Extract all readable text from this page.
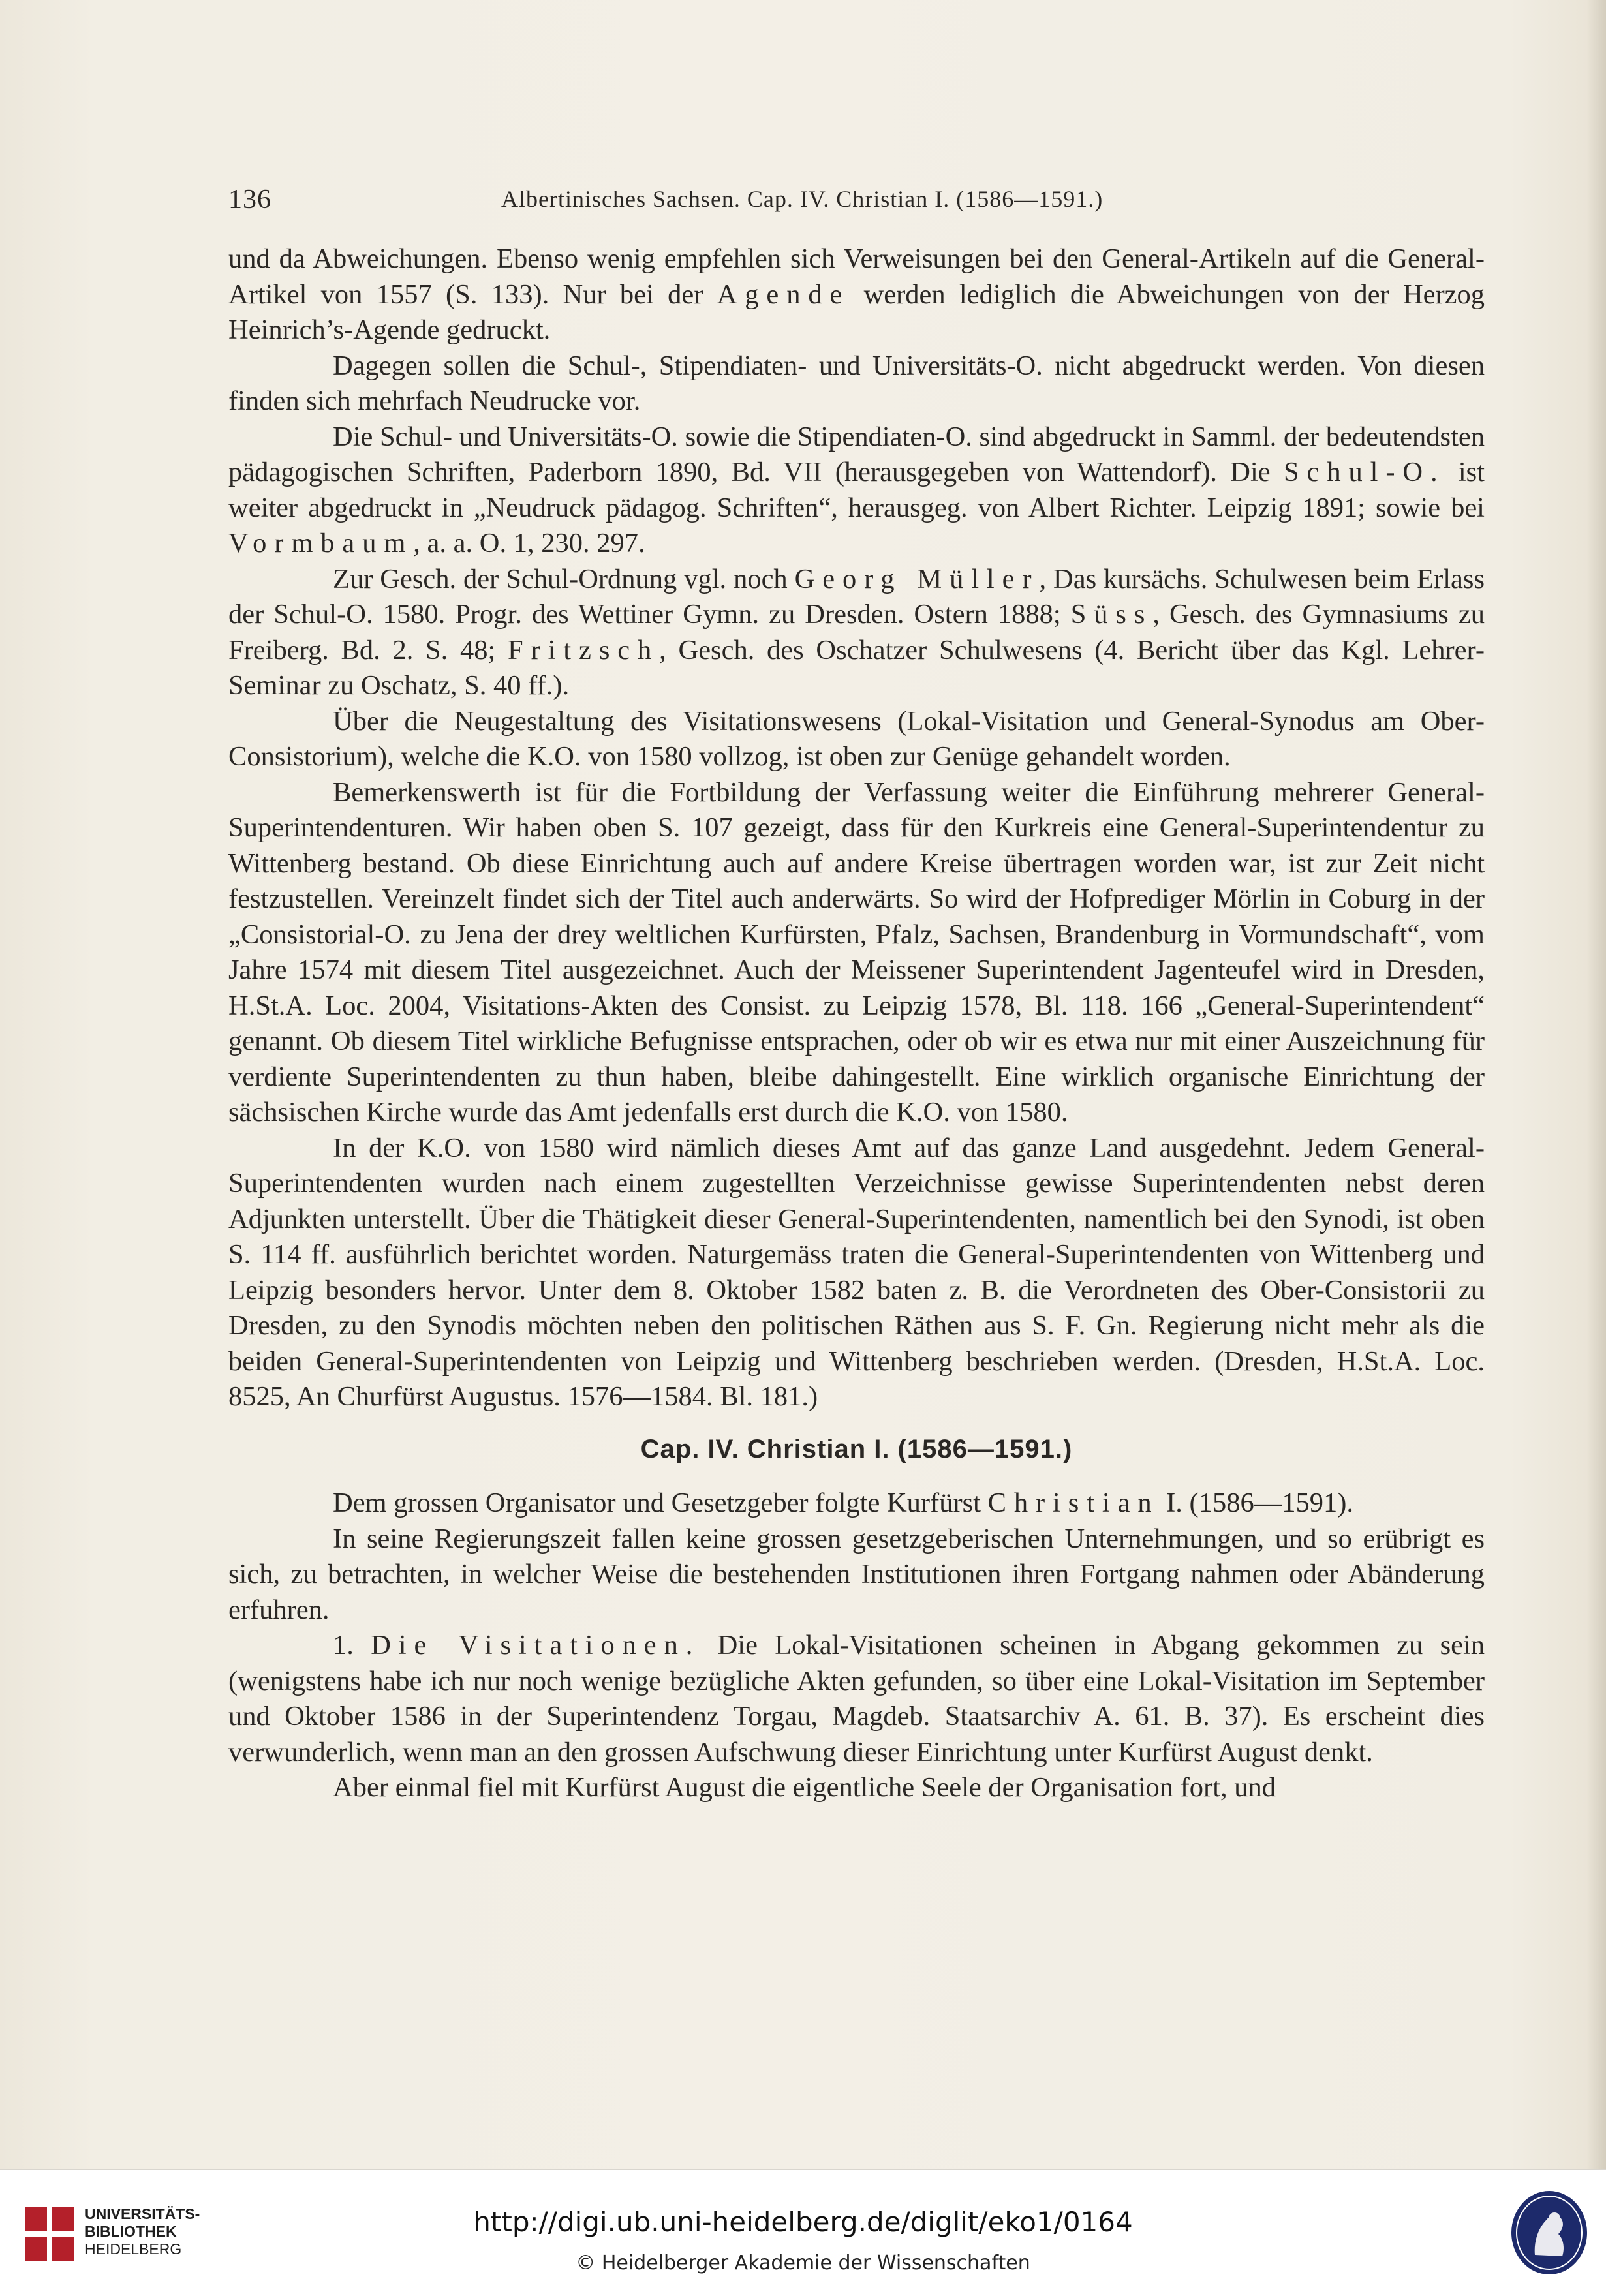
136	Albertinisches Sachsen. Cap. IV. Christian I. (1586—1591.)

und da Abweichungen. Ebenso wenig empfehlen sich Verweisungen bei den General-Artikeln auf die General-Artikel von 1557 (S. 133). Nur bei der Agende werden lediglich die Abweichungen von der Herzog Heinrich’s-Agende gedruckt.

Dagegen sollen die Schul-, Stipendiaten- und Universitäts-O. nicht abgedruckt werden. Von diesen finden sich mehrfach Neudrucke vor.

Die Schul- und Universitäts-O. sowie die Stipendiaten-O. sind abgedruckt in Samml. der bedeutendsten pädagogischen Schriften, Paderborn 1890, Bd. VII (herausgegeben von Wattendorf). Die Schul-O. ist weiter abgedruckt in „Neudruck pädagog. Schriften“, herausgeg. von Albert Richter. Leipzig 1891; sowie bei Vormbaum, a. a. O. 1, 230. 297.

Zur Gesch. der Schul-Ordnung vgl. noch Georg Müller, Das kursächs. Schulwesen beim Erlass der Schul-O. 1580. Progr. des Wettiner Gymn. zu Dresden. Ostern 1888; Süss, Gesch. des Gymnasiums zu Freiberg. Bd. 2. S. 48; Fritzsch, Gesch. des Oschatzer Schulwesens (4. Bericht über das Kgl. Lehrer-Seminar zu Oschatz, S. 40 ff.).

Über die Neugestaltung des Visitationswesens (Lokal-Visitation und General-Synodus am Ober-Consistorium), welche die K.O. von 1580 vollzog, ist oben zur Genüge gehandelt worden.

Bemerkenswerth ist für die Fortbildung der Verfassung weiter die Einführung mehrerer General-Superintendenturen. Wir haben oben S. 107 gezeigt, dass für den Kurkreis eine General-Superintendentur zu Wittenberg bestand. Ob diese Einrichtung auch auf andere Kreise übertragen worden war, ist zur Zeit nicht festzustellen. Vereinzelt findet sich der Titel auch anderwärts. So wird der Hofprediger Mörlin in Coburg in der „Consistorial-O. zu Jena der drey weltlichen Kurfürsten, Pfalz, Sachsen, Brandenburg in Vormundschaft“, vom Jahre 1574 mit diesem Titel ausgezeichnet. Auch der Meissener Superintendent Jagenteufel wird in Dresden, H.St.A. Loc. 2004, Visitations-Akten des Consist. zu Leipzig 1578, Bl. 118. 166 „General-Superintendent“ genannt. Ob diesem Titel wirkliche Befugnisse entsprachen, oder ob wir es etwa nur mit einer Auszeichnung für verdiente Superintendenten zu thun haben, bleibe dahingestellt. Eine wirklich organische Einrichtung der sächsischen Kirche wurde das Amt jedenfalls erst durch die K.O. von 1580.

In der K.O. von 1580 wird nämlich dieses Amt auf das ganze Land ausgedehnt. Jedem General-Superintendenten wurden nach einem zugestellten Verzeichnisse gewisse Superintendenten nebst deren Adjunkten unterstellt. Über die Thätigkeit dieser General-Superintendenten, namentlich bei den Synodi, ist oben S. 114 ff. ausführlich berichtet worden. Naturgemäss traten die General-Superintendenten von Wittenberg und Leipzig besonders hervor. Unter dem 8. Oktober 1582 baten z. B. die Verordneten des Ober-Consistorii zu Dresden, zu den Synodis möchten neben den politischen Räthen aus S. F. Gn. Regierung nicht mehr als die beiden General-Superintendenten von Leipzig und Wittenberg beschrieben werden. (Dresden, H.St.A. Loc. 8525, An Churfürst Augustus. 1576—1584. Bl. 181.)

Cap. IV. Christian I. (1586—1591.)

Dem grossen Organisator und Gesetzgeber folgte Kurfürst Christian I. (1586—1591).

In seine Regierungszeit fallen keine grossen gesetzgeberischen Unternehmungen, und so erübrigt es sich, zu betrachten, in welcher Weise die bestehenden Institutionen ihren Fortgang nahmen oder Abänderung erfuhren.

1. Die Visitationen. Die Lokal-Visitationen scheinen in Abgang gekommen zu sein (wenigstens habe ich nur noch wenige bezügliche Akten gefunden, so über eine Lokal-Visitation im September und Oktober 1586 in der Superintendenz Torgau, Magdeb. Staatsarchiv A. 61. B. 37). Es erscheint dies verwunderlich, wenn man an den grossen Aufschwung dieser Einrichtung unter Kurfürst August denkt.

Aber einmal fiel mit Kurfürst August die eigentliche Seele der Organisation fort, und

UNIVERSITÄTS-
BIBLIOTHEK
HEIDELBERG
http://digi.ub.uni-heidelberg.de/diglit/eko1/0164
© Heidelberger Akademie der Wissenschaften
